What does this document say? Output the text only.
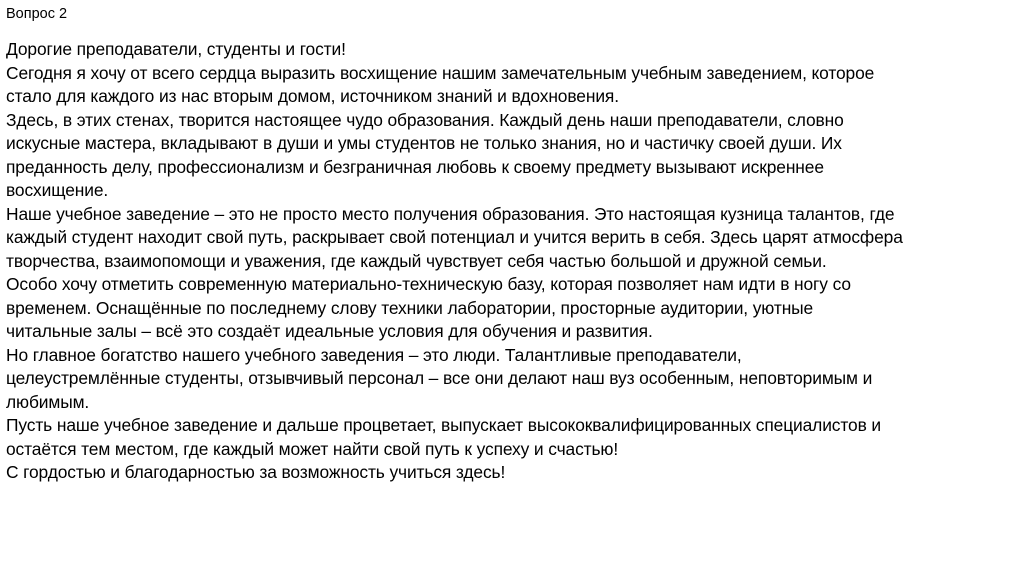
Вопрос 2

Дорогие преподаватели, студенты и гости!

Сегодня я хочу от всего сердца выразить восхищение нашим замечательным учебным заведением, которое
стало для каждого из нас вторым домом, источником знаний и вдохновения.

Здесь, в этих стенах, творится настоящее чудо образования. Каждый день наши преподаватели, словно
искусные мастера, вкладывают в души и умы студентов не только знания, но и частичку своей души. Их
преданность делу, профессионализм и безграничная любовь к своему предмету вызывают искреннее
восхищение.

Наше учебное заведение – это не просто место получения образования. Это настоящая кузница талантов, где
каждый студент находит свой путь, раскрывает свой потенциал и учится верить в себя. Здесь царят атмосфера
творчества, взаимопомощи и уважения, где каждый чувствует себя частью большой и дружной семьи.

Особо хочу отметить современную материально-техническую базу, которая позволяет нам идти в ногу со
временем. Оснащённые по последнему слову техники лаборатории, просторные аудитории, уютные
читальные залы – всё это создаёт идеальные условия для обучения и развития.

Но главное богатство нашего учебного заведения – это люди. Талантливые преподаватели,
целеустремлённые студенты, отзывчивый персонал – все они делают наш вуз особенным, неповторимым и
любимым.

Пусть наше учебное заведение и дальше процветает, выпускает высококвалифицированных специалистов и
остаётся тем местом, где каждый может найти свой путь к успеху и счастью!

С гордостью и благодарностью за возможность учиться здесь!
